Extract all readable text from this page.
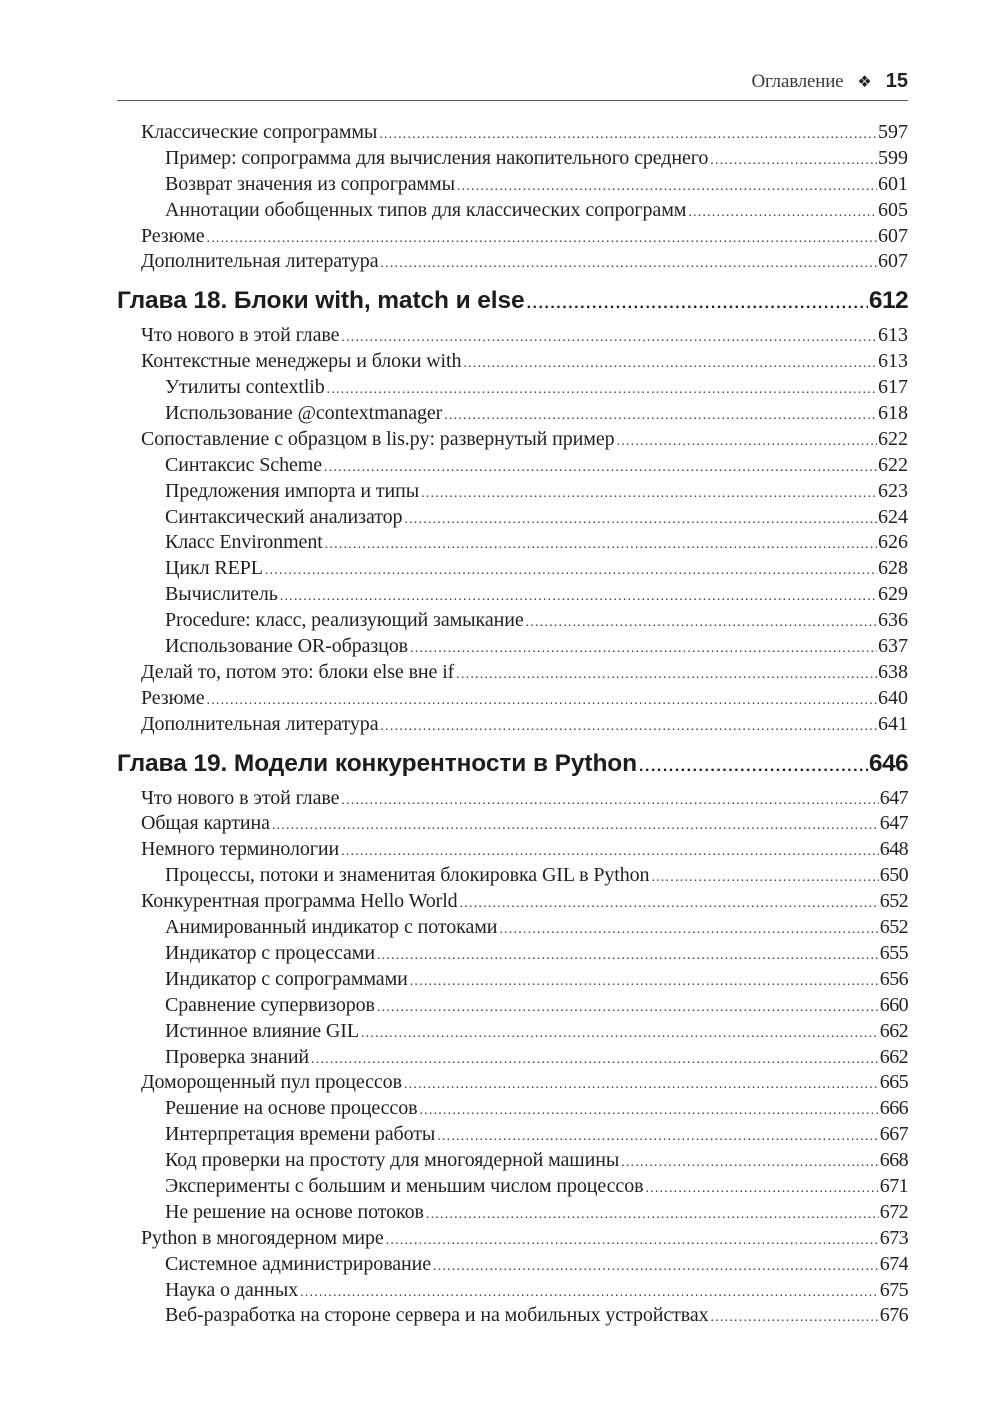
Оглавление ❖ 15
Классические сопрограммы .....	597
Пример: сопрограмма для вычисления накопительного среднего .....	599
Возврат значения из сопрограммы .....	601
Аннотации обобщенных типов для классических сопрограмм .....	605
Резюме .....	607
Дополнительная литература .....	607
Глава 18. Блоки with, match и else .....	612
Что нового в этой главе .....	613
Контекстные менеджеры и блоки with .....	613
Утилиты contextlib .....	617
Использование @contextmanager .....	618
Сопоставление с образцом в lis.py: развернутый пример .....	622
Синтаксис Scheme .....	622
Предложения импорта и типы .....	623
Синтаксический анализатор .....	624
Класс Environment .....	626
Цикл REPL .....	628
Вычислитель .....	629
Procedure: класс, реализующий замыкание .....	636
Использование OR-образцов .....	637
Делай то, потом это: блоки else вне if .....	638
Резюме .....	640
Дополнительная литература .....	641
Глава 19. Модели конкурентности в Python .....	646
Что нового в этой главе .....	647
Общая картина .....	647
Немного терминологии .....	648
Процессы, потоки и знаменитая блокировка GIL в Python .....	650
Конкурентная программа Hello World .....	652
Анимированный индикатор с потоками .....	652
Индикатор с процессами .....	655
Индикатор с сопрограммами .....	656
Сравнение супервизоров .....	660
Истинное влияние GIL .....	662
Проверка знаний .....	662
Доморощенный пул процессов .....	665
Решение на основе процессов .....	666
Интерпретация времени работы .....	667
Код проверки на простоту для многоядерной машины .....	668
Эксперименты с большим и меньшим числом процессов .....	671
Не решение на основе потоков .....	672
Python в многоядерном мире .....	673
Системное администрирование .....	674
Наука о данных .....	675
Веб-разработка на стороне сервера и на мобильных устройствах .....	676
